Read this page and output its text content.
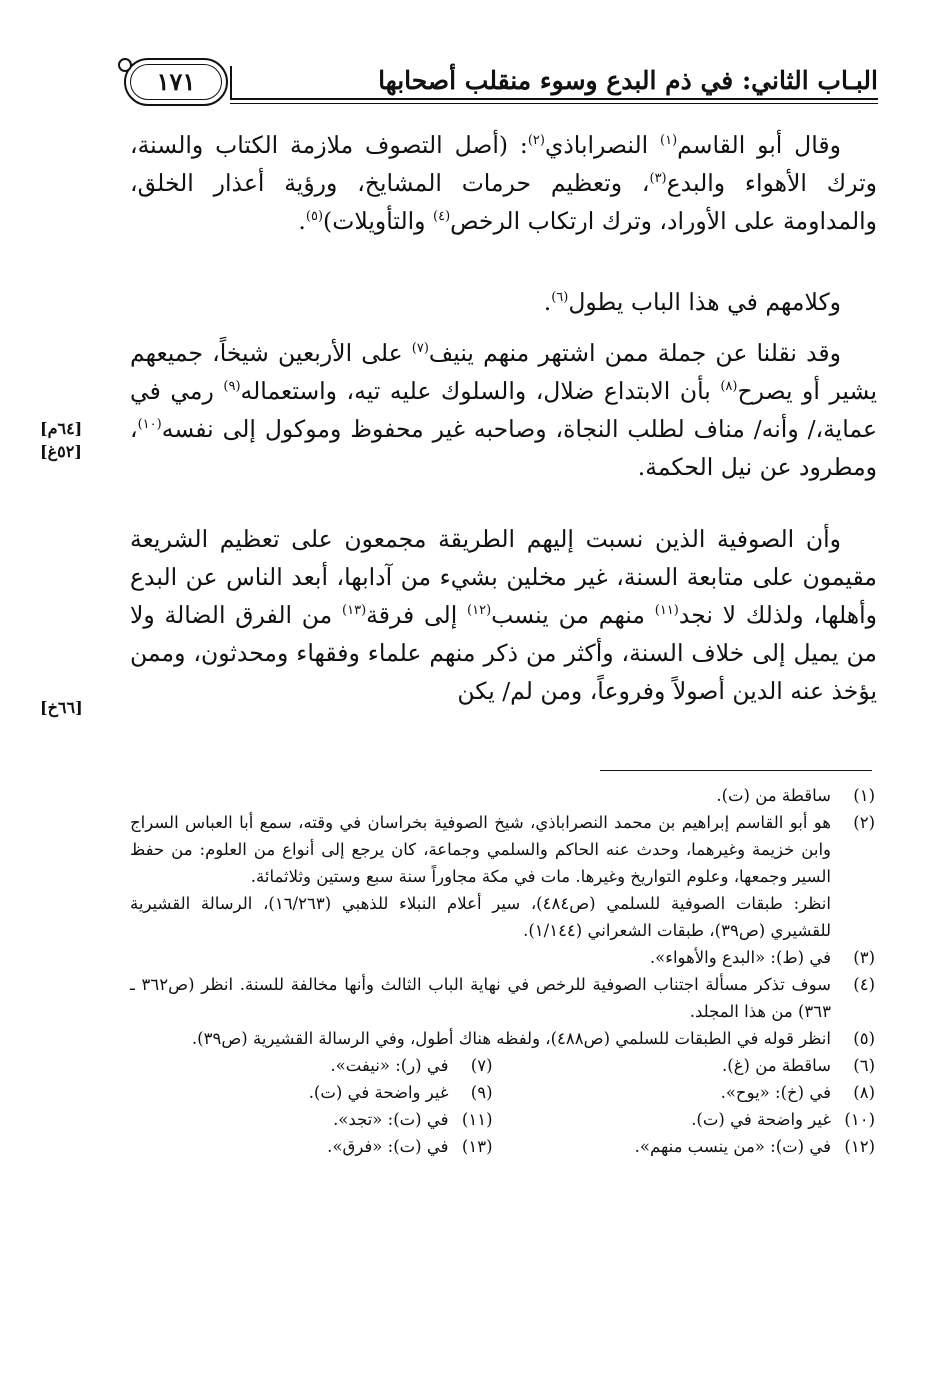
١٧١	البـاب الثاني: في ذم البدع وسوء منقلب أصحابها
وقال أبو القاسم$^{(١)}$ النصراباذي$^{(٢)}$: (أصل التصوف ملازمة الكتاب والسنة، وترك الأهواء والبدع$^{(٣)}$، وتعظيم حرمات المشايخ، ورؤية أعذار الخلق، والمداومة على الأوراد، وترك ارتكاب الرخص$^{(٤)}$ والتأويلات)$^{(٥)}$.
وكلامهم في هذا الباب يطول$^{(٦)}$.
وقد نقلنا عن جملة ممن اشتهر منهم ينيف$^{(٧)}$ على الأربعين شيخاً، جميعهم يشير أو يصرح$^{(٨)}$ بأن الابتداع ضلال، والسلوك عليه تيه، واستعماله$^{(٩)}$ رمي في عماية،/ وأنه/ مناف لطلب النجاة، وصاحبه غير محفوظ وموكول إلى نفسه$^{(١٠)}$، ومطرود عن نيل الحكمة.
وأن الصوفية الذين نسبت إليهم الطريقة مجمعون على تعظيم الشريعة مقيمون على متابعة السنة، غير مخلين بشيء من آدابها، أبعد الناس عن البدع وأهلها، ولذلك لا نجد$^{(١١)}$ منهم من ينسب$^{(١٢)}$ إلى فرقة$^{(١٣)}$ من الفرق الضالة ولا من يميل إلى خلاف السنة، وأكثر من ذكر منهم علماء وفقهاء ومحدثون، وممن يؤخذ عنه الدين أصولاً وفروعاً، ومن لم/ يكن
[٦٤م]
[٥٢غ]
[٦٦خ]
(١)
ساقطة من (ت).
(٢)
هو أبو القاسم إبراهيم بن محمد النصراباذي، شيخ الصوفية بخراسان في وقته، سمع أبا العباس السراج وابن خزيمة وغيرهما، وحدث عنه الحاكم والسلمي وجماعة، كان يرجع إلى أنواع من العلوم: من حفظ السير وجمعها، وعلوم التواريخ وغيرها. مات في مكة مجاوراً سنة سبع وستين وثلاثمائة.
انظر: طبقات الصوفية للسلمي (ص٤٨٤)، سير أعلام النبلاء للذهبي (١٦/٢٦٣)، الرسالة القشيرية للقشيري (ص٣٩)، طبقات الشعراني (١/١٤٤).
(٣)
في (ط): «البدع والأهواء».
(٤)
سوف تذكر مسألة اجتناب الصوفية للرخص في نهاية الباب الثالث وأنها مخالفة للسنة. انظر (ص٣٦٢ ـ ٣٦٣) من هذا المجلد.
(٥)
انظر قوله في الطبقات للسلمي (ص٤٨٨)، ولفظه هناك أطول، وفي الرسالة القشيرية (ص٣٩).
(٦)
ساقطة من (غ).
(٧)
في (ر): «نيفت».
(٨)
في (خ): «يوح».
(٩)
غير واضحة في (ت).
(١٠)
غير واضحة في (ت).
(١١)
في (ت): «تجد».
(١٢)
في (ت): «من ينسب منهم».
(١٣)
في (ت): «فرق».
